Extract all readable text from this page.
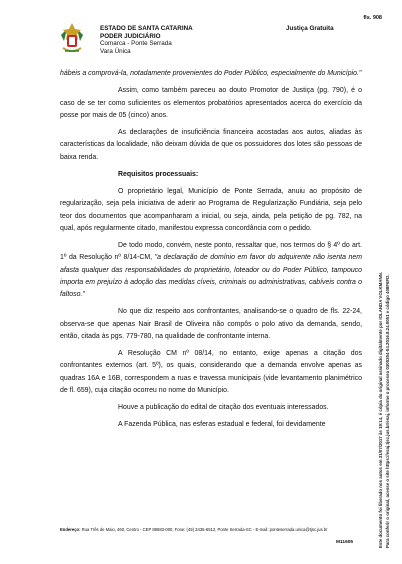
fls. 908
ESTADO DE SANTA CATARINA
PODER JUDICIÁRIO
Comarca - Ponte Serrada
Vara Única
Justiça Gratuita

hábeis a comprová-la, notadamente provenientes do Poder Público, especialmente do Município."

Assim, como também pareceu ao douto Promotor de Justiça (pg. 790), é o caso de se ter como suficientes os elementos probatórios apresentados acerca do exercício da posse por mais de 05 (cinco) anos.

As declarações de insuficiência financeira acostadas aos autos, aliadas às características da localidade, não deixam dúvida de que os possuidores dos lotes são pessoas de baixa renda.

Requisitos processuais:

O proprietário legal, Município de Ponte Serrada, anuiu ao propósito de regularização, seja pela iniciativa de aderir ao Programa de Regularização Fundiária, seja pelo teor dos documentos que acompanharam a inicial, ou seja, ainda, pela petição de pg. 782, na qual, após regularmente citado, manifestou expressa concordância com o pedido.

De todo modo, convém, neste ponto, ressaltar que, nos termos do § 4º do art. 1º da Resolução nº 8/14-CM, "a declaração de domínio em favor do adquirente não isenta nem afasta qualquer das responsabilidades do proprietário, loteador ou do Poder Público, tampouco importa em prejuízo à adoção das medidas cíveis, criminais ou administrativas, cabíveis contra o faltoso."

No que diz respeito aos confrontantes, analisando-se o quadro de fls. 22-24, observa-se que apenas Nair Brasil de Oliveira não compôs o polo ativo da demanda, sendo, então, citada às pgs. 779-780, na qualidade de confrontante interna.

A Resolução CM nº 08/14, no entanto, exige apenas a citação dos confrontantes externos (art. 5º), os quais, considerando que a demanda envolve apenas as quadras 16A e 16B, correspondem a ruas e travessa municipais (vide levantamento planimétrico de fl. 659), cuja citação ocorreu no nome do Município.

Houve a publicação do edital de citação dos eventuais interessados.

A Fazenda Pública, nas esferas estadual e federal, foi devidamente

Endereço: Rua Três de Maio, 460, Centro - CEP 89683-000, Fone: (49) 3435-6512, Ponte Serrada-SC - E-mail: ponteserrada.unica@tjsc.jus.br
M11605	Este documento foi liberado nos autos em 31/07/2017 às 19:14, é cópia do original assinado digitalmente por IOLANDA VOLKMANN. Para conferir o original, acesse o site https://esaj.tjsc.jus.br/esaj, informe o processo 0300304-04.2016.8.24.0051 e código 408F6FD.
